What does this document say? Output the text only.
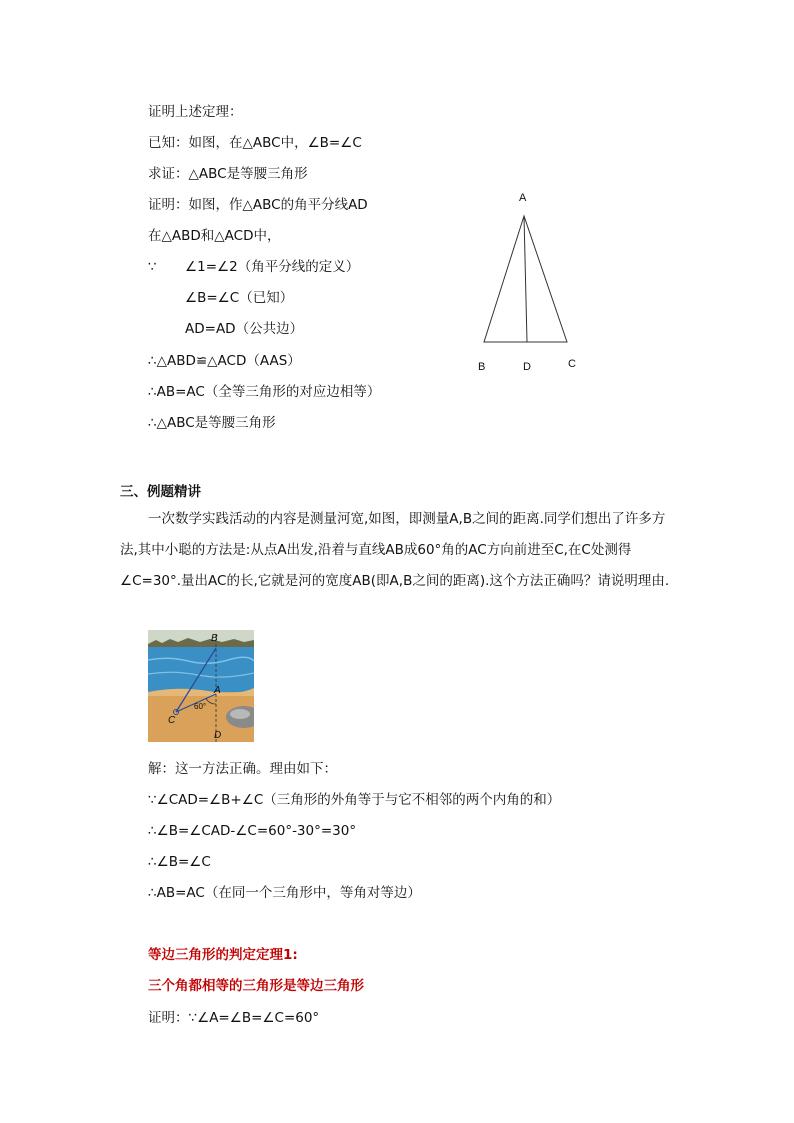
证明上述定理：
已知：如图，在△ABC中，∠B=∠C
求证：△ABC是等腰三角形
证明：如图，作△ABC的角平分线AD
在△ABD和△ACD中，
∵ ∠1=∠2（角平分线的定义）
∠B=∠C（已知）
AD=AD（公共边）
∴△ABD≌△ACD（AAS）
∴AB=AC（全等三角形的对应边相等）
∴△ABC是等腰三角形
A
B	C
D
三、例题精讲
一次数学实践活动的内容是测量河宽,如图，即测量A,B之间的距离.同学们想出了许多方法,其中小聪的方法是:从点A出发,沿着与直线AB成60°角的AC方向前进至C,在C处测得∠C=30°.量出AC的长,它就是河的宽度AB(即A,B之间的距离).这个方法正确吗？请说明理由.
B
A
C
D
60°
解：这一方法正确。理由如下：
∵∠CAD=∠B+∠C（三角形的外角等于与它不相邻的两个内角的和）
∴∠B=∠CAD-∠C=60°-30°=30°
∴∠B=∠C
∴AB=AC（在同一个三角形中，等角对等边）
等边三角形的判定定理1:
三个角都相等的三角形是等边三角形
证明：∵∠A=∠B=∠C=60°
